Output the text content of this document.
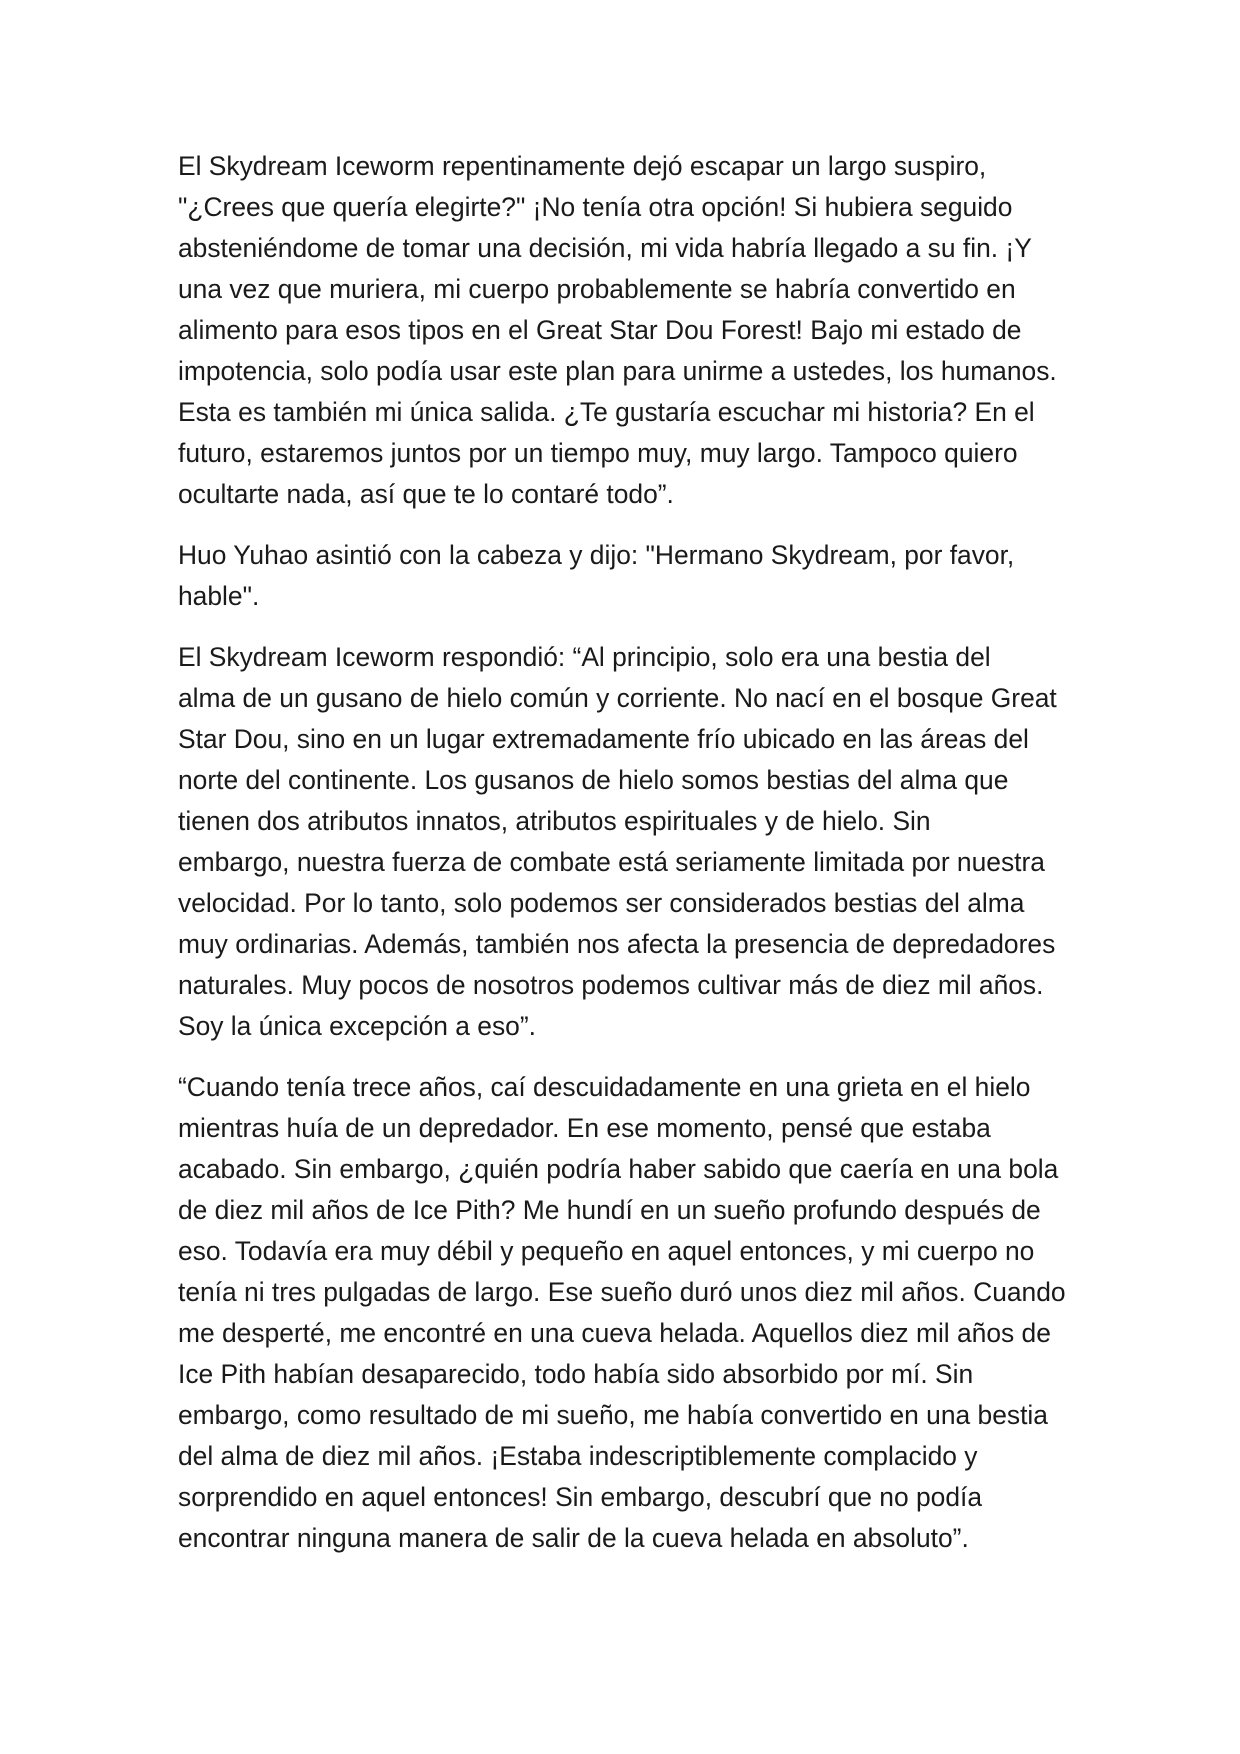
El Skydream Iceworm repentinamente dejó escapar un largo suspiro,
"¿Crees que quería elegirte?" ¡No tenía otra opción! Si hubiera seguido
absteniéndome de tomar una decisión, mi vida habría llegado a su fin. ¡Y
una vez que muriera, mi cuerpo probablemente se habría convertido en
alimento para esos tipos en el Great Star Dou Forest! Bajo mi estado de
impotencia, solo podía usar este plan para unirme a ustedes, los humanos.
Esta es también mi única salida. ¿Te gustaría escuchar mi historia? En el
futuro, estaremos juntos por un tiempo muy, muy largo. Tampoco quiero
ocultarte nada, así que te lo contaré todo”.

Huo Yuhao asintió con la cabeza y dijo: "Hermano Skydream, por favor,
hable".

El Skydream Iceworm respondió: “Al principio, solo era una bestia del
alma de un gusano de hielo común y corriente. No nací en el bosque Great
Star Dou, sino en un lugar extremadamente frío ubicado en las áreas del
norte del continente. Los gusanos de hielo somos bestias del alma que
tienen dos atributos innatos, atributos espirituales y de hielo. Sin
embargo, nuestra fuerza de combate está seriamente limitada por nuestra
velocidad. Por lo tanto, solo podemos ser considerados bestias del alma
muy ordinarias. Además, también nos afecta la presencia de depredadores
naturales. Muy pocos de nosotros podemos cultivar más de diez mil años.
Soy la única excepción a eso”.

“Cuando tenía trece años, caí descuidadamente en una grieta en el hielo
mientras huía de un depredador. En ese momento, pensé que estaba
acabado. Sin embargo, ¿quién podría haber sabido que caería en una bola
de diez mil años de Ice Pith? Me hundí en un sueño profundo después de
eso. Todavía era muy débil y pequeño en aquel entonces, y mi cuerpo no
tenía ni tres pulgadas de largo. Ese sueño duró unos diez mil años. Cuando
me desperté, me encontré en una cueva helada. Aquellos diez mil años de
Ice Pith habían desaparecido, todo había sido absorbido por mí. Sin
embargo, como resultado de mi sueño, me había convertido en una bestia
del alma de diez mil años. ¡Estaba indescriptiblemente complacido y
sorprendido en aquel entonces! Sin embargo, descubrí que no podía
encontrar ninguna manera de salir de la cueva helada en absoluto”.
